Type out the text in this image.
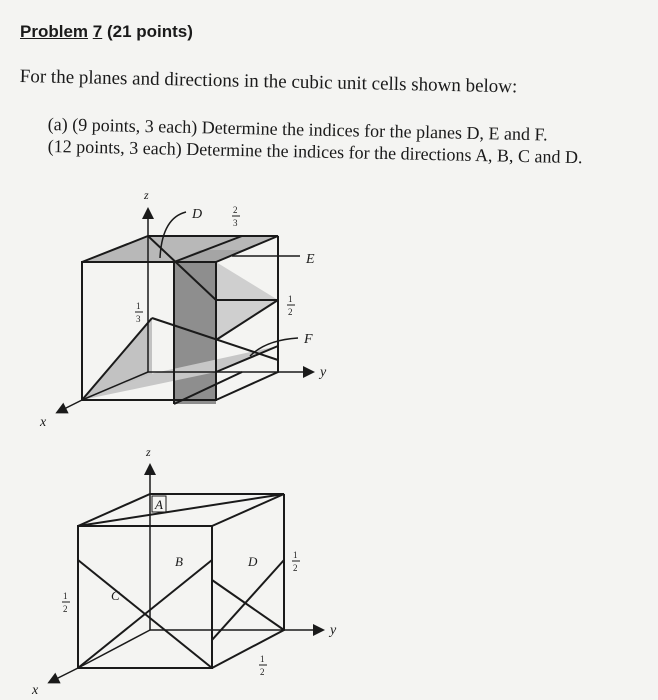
Problem 7 (21 points)
For the planes and directions in the cubic unit cells shown below:
(a) (9 points, 3 each) Determine the indices for the planes D, E and F.
(12 points, 3 each) Determine the indices for the directions A, B, C and D.
z
x
y
D
E
F
2
3
1
3
1
2
z
x
y
A
B
C
D	1
2
1
2
1
2
